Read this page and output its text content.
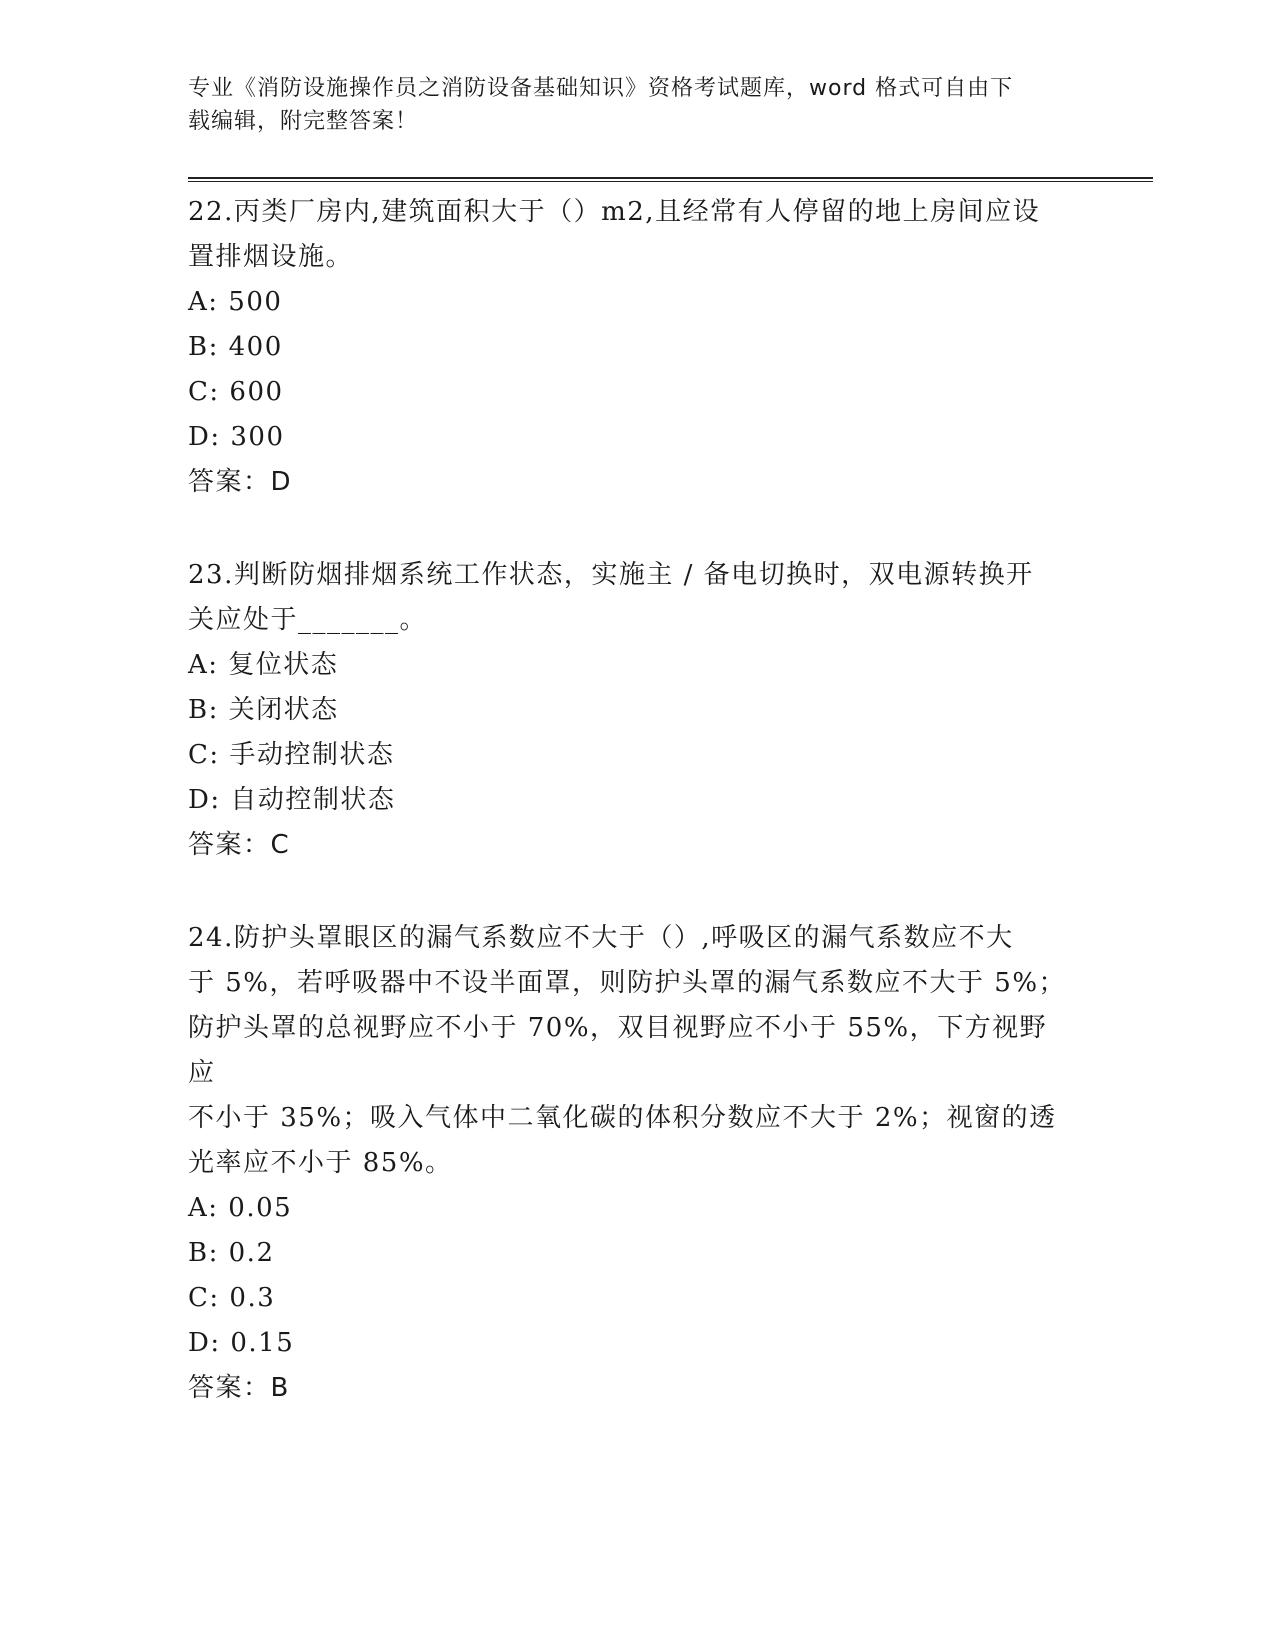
专业《消防设施操作员之消防设备基础知识》资格考试题库，word 格式可自由下
载编辑，附完整答案！

22.丙类厂房内,建筑面积大于（）m2,且经常有人停留的地上房间应设

置排烟设施。

A: 500

B: 400

C: 600

D: 300

答案：D

23.判断防烟排烟系统工作状态，实施主 / 备电切换时，双电源转换开

关应处于_______。

A: 复位状态

B: 关闭状态

C: 手动控制状态

D: 自动控制状态

答案：C

24.防护头罩眼区的漏气系数应不大于（）,呼吸区的漏气系数应不大

于 5%，若呼吸器中不设半面罩，则防护头罩的漏气系数应不大于 5%；

防护头罩的总视野应不小于 70%，双目视野应不小于 55%，下方视野应

不小于 35%；吸入气体中二氧化碳的体积分数应不大于 2%；视窗的透

光率应不小于 85%。

A: 0.05

B: 0.2

C: 0.3

D: 0.15

答案：B
